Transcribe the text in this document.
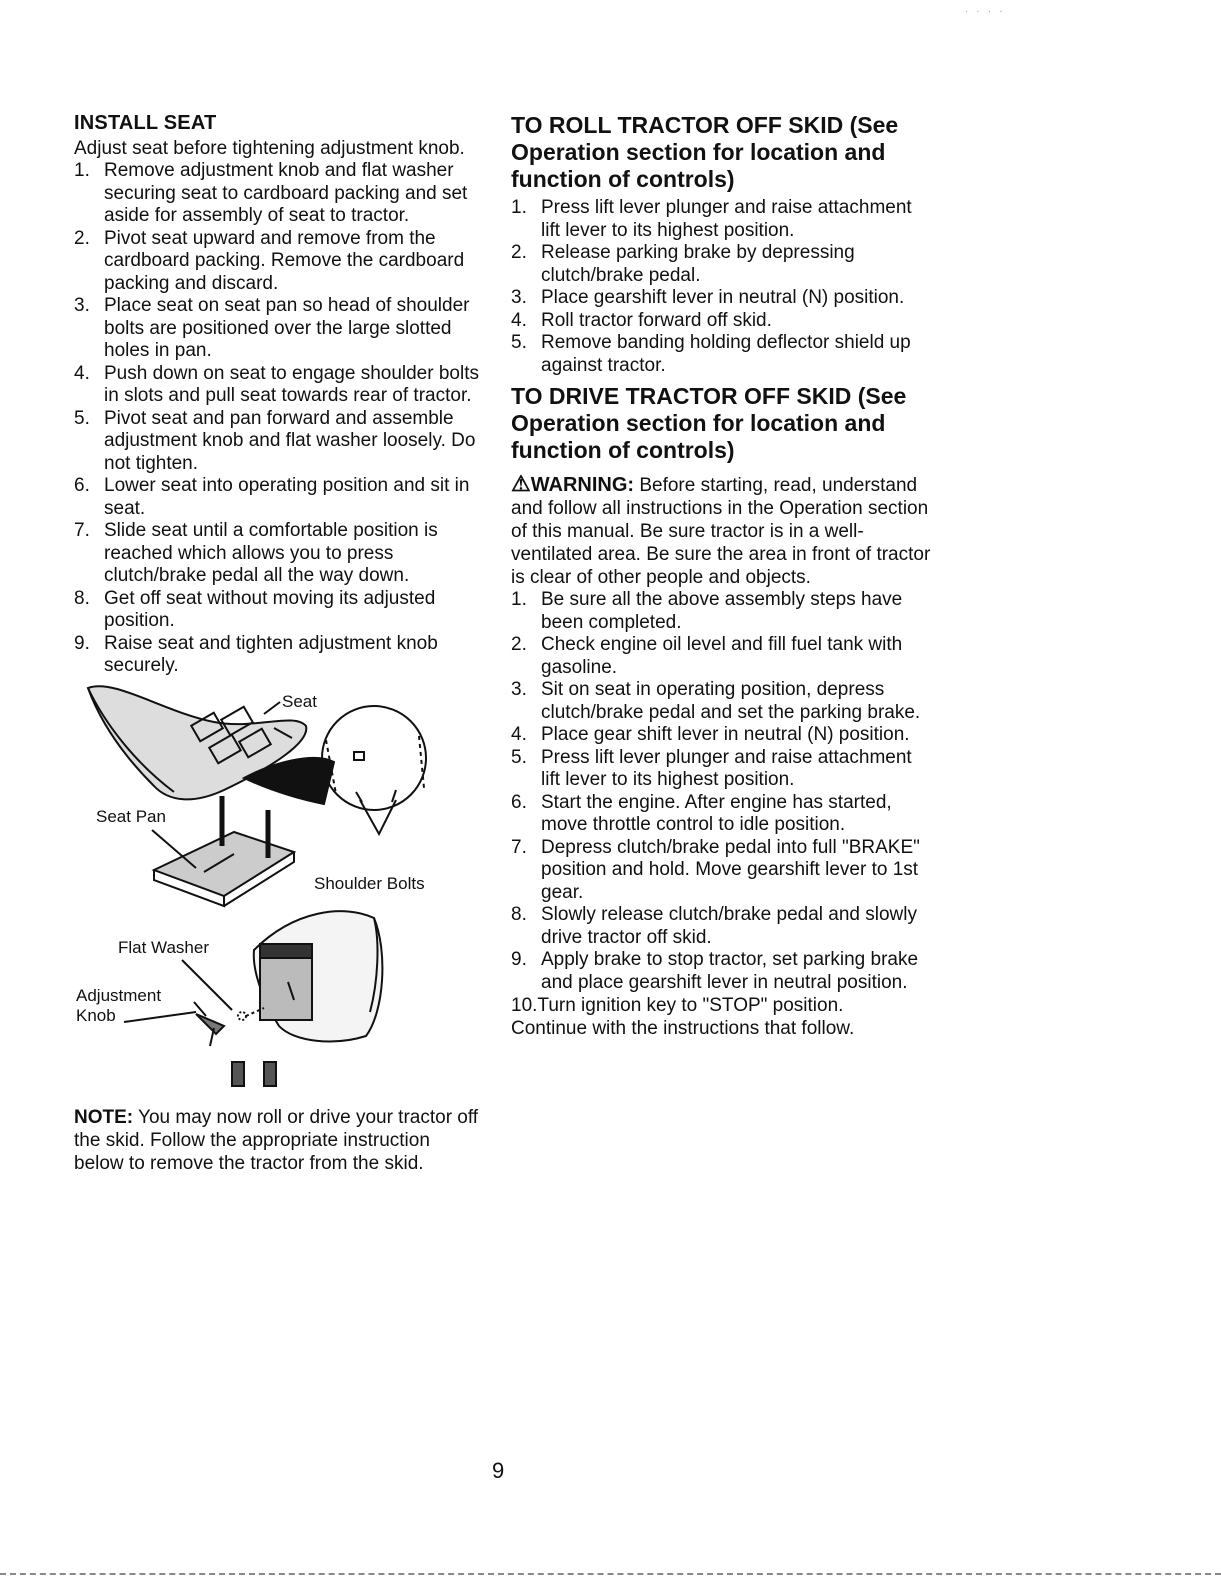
. . . .
INSTALL SEAT

Adjust seat before tightening adjustment knob.

1. Remove adjustment knob and flat washer securing seat to cardboard packing and set aside for assembly of seat to tractor.
2. Pivot seat upward and remove from the cardboard packing. Remove the cardboard packing and discard.
3. Place seat on seat pan so head of shoulder bolts are positioned over the large slotted holes in pan.
4. Push down on seat to engage shoulder bolts in slots and pull seat towards rear of tractor.
5. Pivot seat and pan forward and assemble adjustment knob and flat washer loosely. Do not tighten.
6. Lower seat into operating position and sit in seat.
7. Slide seat until a comfortable position is reached which allows you to press clutch/brake pedal all the way down.
8. Get off seat without moving its adjusted position.
9. Raise seat and tighten adjustment knob securely.
Seat
Seat Pan
Shoulder Bolts
Flat Washer
Adjustment
Knob

NOTE: You may now roll or drive your tractor off the skid. Follow the appropriate instruction below to remove the tractor from the skid.

TO ROLL TRACTOR OFF SKID (See
Operation section for location and
function of controls)
1. Press lift lever plunger and raise attachment lift lever to its highest position.
2. Release parking brake by depressing clutch/brake pedal.
3. Place gearshift lever in neutral (N) position.
4. Roll tractor forward off skid.
5. Remove banding holding deflector shield up against tractor.
TO DRIVE TRACTOR OFF SKID (See
Operation section for location and
function of controls)

⚠WARNING: Before starting, read, understand and follow all instructions in the Operation section of this manual. Be sure tractor is in a well-ventilated area. Be sure the area in front of tractor is clear of other people and objects.

1. Be sure all the above assembly steps have been completed.
2. Check engine oil level and fill fuel tank with gasoline.
3. Sit on seat in operating position, depress clutch/brake pedal and set the parking brake.
4. Place gear shift lever in neutral (N) position.
5. Press lift lever plunger and raise attachment lift lever to its highest position.
6. Start the engine. After engine has started, move throttle control to idle position.
7. Depress clutch/brake pedal into full "BRAKE" position and hold. Move gearshift lever to 1st gear.
8. Slowly release clutch/brake pedal and slowly drive tractor off skid.
9. Apply brake to stop tractor, set parking brake and place gearshift lever in neutral position.

10.Turn ignition key to "STOP" position.

Continue with the instructions that follow.

9
